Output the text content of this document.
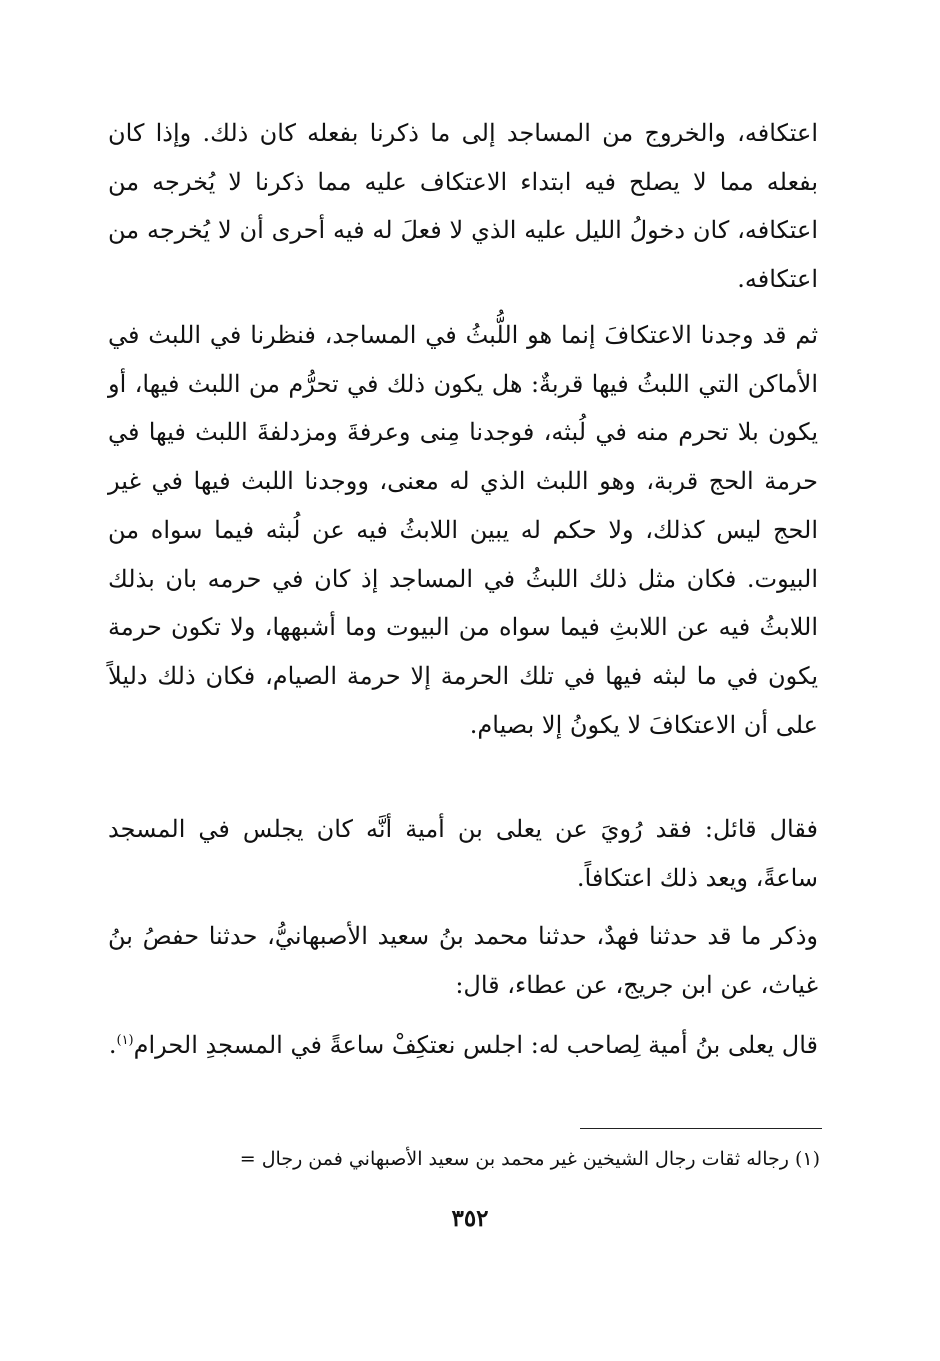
اعتكافه، والخروج من المساجد إلى ما ذكرنا بفعله كان ذلك. وإذا كان بفعله مما لا يصلح فيه ابتداء الاعتكاف عليه مما ذكرنا لا يُخرجه من اعتكافه، كان دخولُ الليل عليه الذي لا فعلَ له فيه أحرى أن لا يُخرجه من اعتكافه.

ثم قد وجدنا الاعتكافَ إنما هو اللُّبثُ في المساجد، فنظرنا في اللبث في الأماكن التي اللبثُ فيها قربةٌ: هل يكون ذلك في تحرُّم من اللبث فيها، أو يكون بلا تحرم منه في لُبثه، فوجدنا مِنى وعرفةَ ومزدلفةَ اللبث فيها في حرمة الحج قربة، وهو اللبث الذي له معنى، ووجدنا اللبث فيها في غير الحج ليس كذلك، ولا حكم له يبين اللابثُ فيه عن لُبثه فيما سواه من البيوت. فكان مثل ذلك اللبثُ في المساجد إذ كان في حرمه بان بذلك اللابثُ فيه عن اللابثِ فيما سواه من البيوت وما أشبهها، ولا تكون حرمة يكون في ما لبثه فيها في تلك الحرمة إلا حرمة الصيام، فكان ذلك دليلاً على أن الاعتكافَ لا يكونُ إلا بصيام.

فقال قائل: فقد رُويَ عن يعلى بن أمية أنَّه كان يجلس في المسجد ساعةً، ويعد ذلك اعتكافاً.

وذكر ما قد حدثنا فهدٌ، حدثنا محمد بنُ سعيد الأصبهانيُّ، حدثنا حفصُ بنُ غياث، عن ابن جريج، عن عطاء، قال:

قال يعلى بنُ أمية لِصاحب له: اجلس نعتكِفْ ساعةً في المسجدِ الحرام$^{(١)}$.

(١) رجاله ثقات رجال الشيخين غير محمد بن سعيد الأصبهاني فمن رجال =

٣٥٢
